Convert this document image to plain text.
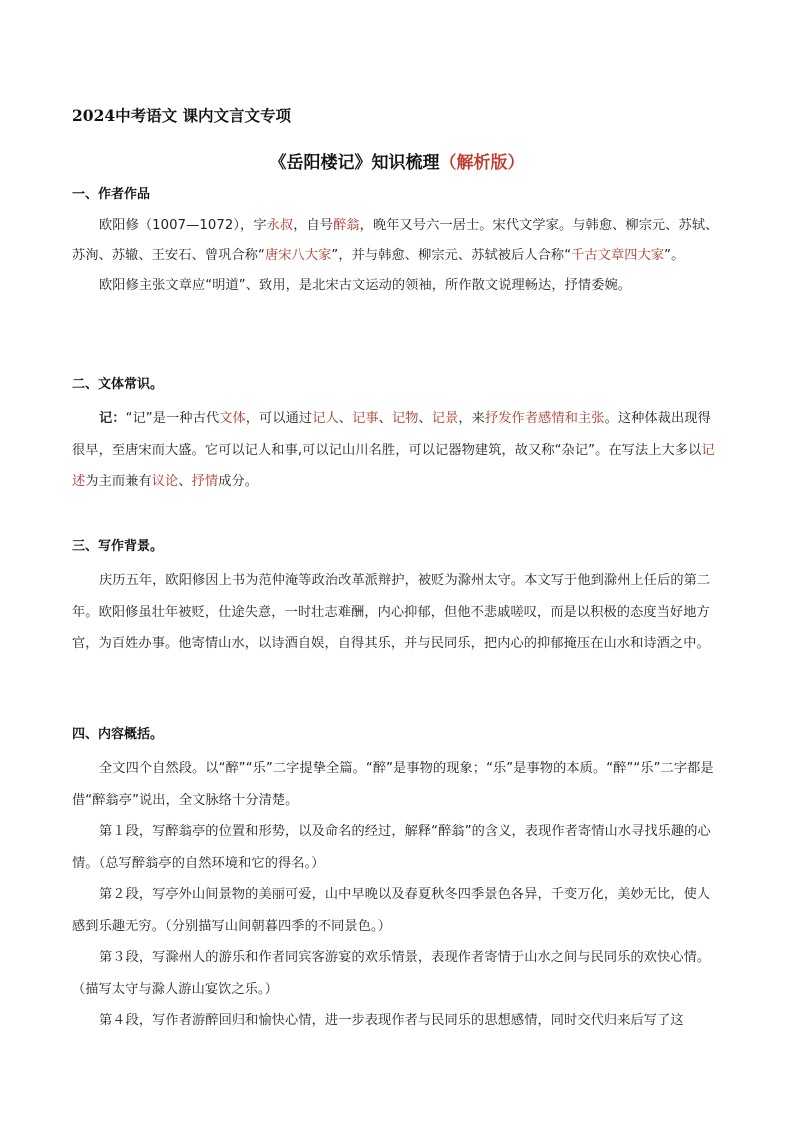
2024中考语文 课内文言文专项
《岳阳楼记》知识梳理（解析版）
一、作者作品

欧阳修（1007—1072），字永叔，自号醉翁，晚年又号六一居士。宋代文学家。与韩愈、柳宗元、苏轼、苏洵、苏辙、王安石、曾巩合称“唐宋八大家”，并与韩愈、柳宗元、苏轼被后人合称“千古文章四大家”。

欧阳修主张文章应“明道”、致用，是北宋古文运动的领袖，所作散文说理畅达，抒情委婉。

二、文体常识。

记：“记”是一种古代文体，可以通过记人、记事、记物、记景，来抒发作者感情和主张。这种体裁出现得很早，至唐宋而大盛。它可以记人和事,可以记山川名胜，可以记器物建筑，故又称“杂记”。在写法上大多以记述为主而兼有议论、抒情成分。

三、写作背景。

庆历五年，欧阳修因上书为范仲淹等政治改革派辩护，被贬为滁州太守。本文写于他到滁州上任后的第二年。欧阳修虽壮年被贬，仕途失意，一时壮志难酬，内心抑郁，但他不悲戚嗟叹，而是以积极的态度当好地方官，为百姓办事。他寄情山水，以诗酒自娱，自得其乐，并与民同乐，把内心的抑郁掩压在山水和诗酒之中。

四、内容概括。

全文四个自然段。以“醉”“乐”二字提挚全篇。“醉”是事物的现象；“乐”是事物的本质。“醉”“乐”二字都是借“醉翁亭”说出，全文脉络十分清楚。

第１段，写醉翁亭的位置和形势，以及命名的经过，解释“醉翁”的含义，表现作者寄情山水寻找乐趣的心情。（总写醉翁亭的自然环境和它的得名。）

第２段，写亭外山间景物的美丽可爱，山中早晚以及春夏秋冬四季景色各异，千变万化，美妙无比，使人感到乐趣无穷。（分别描写山间朝暮四季的不同景色。）

第３段，写滁州人的游乐和作者同宾客游宴的欢乐情景，表现作者寄情于山水之间与民同乐的欢快心情。（描写太守与滁人游山宴饮之乐。）

第４段，写作者游醉回归和愉快心情，进一步表现作者与民同乐的思想感情，同时交代归来后写了这
